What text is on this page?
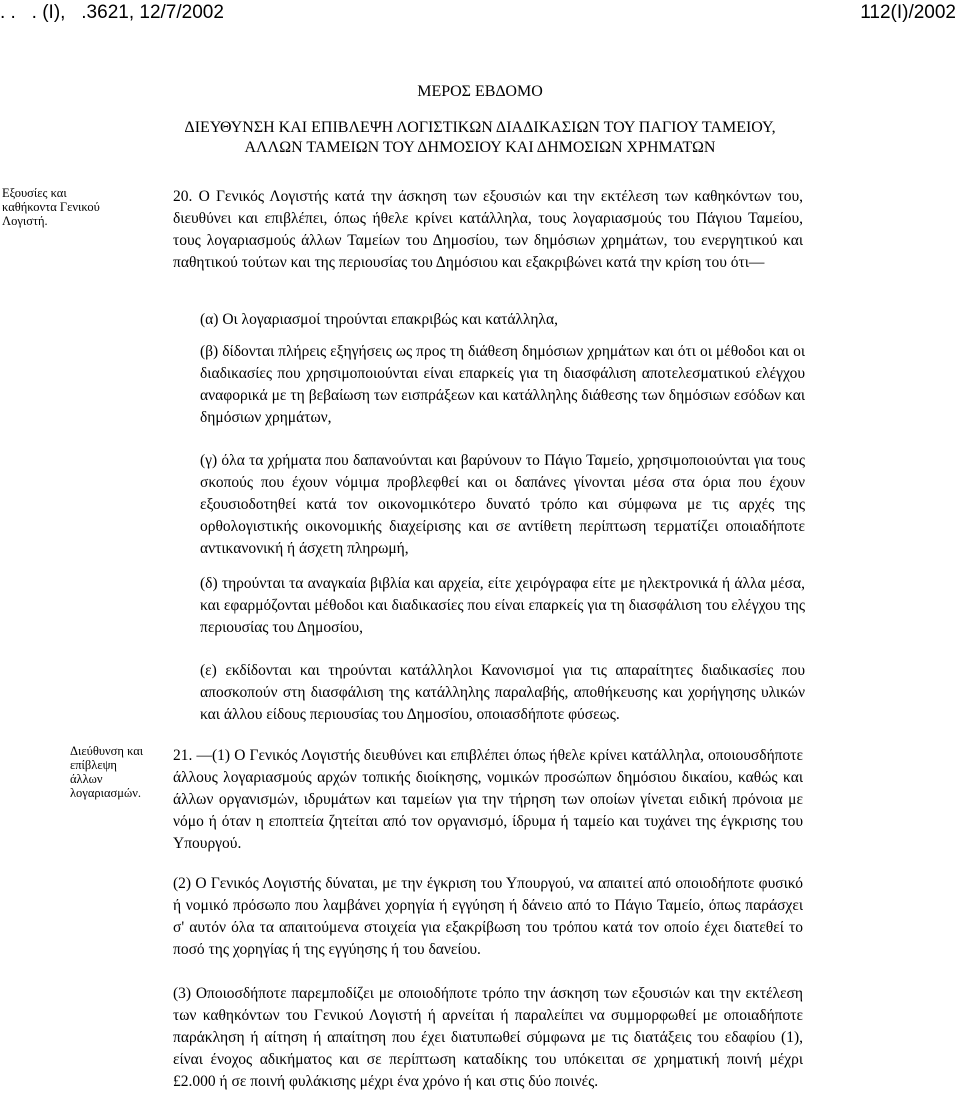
. .   . (I),   .3621, 12/7/2002	112(I)/2002
ΜΕΡΟΣ ΕΒΔΟΜΟ
ΔΙΕΥΘΥΝΣΗ ΚΑΙ ΕΠΙΒΛΕΨΗ ΛΟΓΙΣΤΙΚΩΝ ΔΙΑΔΙΚΑΣΙΩΝ ΤΟΥ ΠΑΓΙΟΥ ΤΑΜΕΙΟΥ, ΑΛΛΩΝ ΤΑΜΕΙΩΝ ΤΟΥ ΔΗΜΟΣΙΟΥ ΚΑΙ ΔΗΜΟΣΙΩΝ ΧΡΗΜΑΤΩΝ
Εξουσίες και καθήκοντα Γενικού Λογιστή.
20. Ο Γενικός Λογιστής κατά την άσκηση των εξουσιών και την εκτέλεση των καθηκόντων του, διευθύνει και επιβλέπει, όπως ήθελε κρίνει κατάλληλα, τους λογαριασμούς του Πάγιου Ταμείου, τους λογαριασμούς άλλων Ταμείων του Δημοσίου, των δημόσιων χρημάτων, του ενεργητικού και παθητικού τούτων και της περιουσίας του Δημόσιου και εξακριβώνει κατά την κρίση του ότι—
(α) Οι λογαριασμοί τηρούνται επακριβώς και κατάλληλα,
(β) δίδονται πλήρεις εξηγήσεις ως προς τη διάθεση δημόσιων χρημάτων και ότι οι μέθοδοι και οι διαδικασίες που χρησιμοποιούνται είναι επαρκείς για τη διασφάλιση αποτελεσματικού ελέγχου αναφορικά με τη βεβαίωση των εισπράξεων και κατάλληλης διάθεσης των δημόσιων εσόδων και δημόσιων χρημάτων,
(γ) όλα τα χρήματα που δαπανούνται και βαρύνουν το Πάγιο Ταμείο, χρησιμοποιούνται για τους σκοπούς που έχουν νόμιμα προβλεφθεί και οι δαπάνες γίνονται μέσα στα όρια που έχουν εξουσιοδοτηθεί κατά τον οικονομικότερο δυνατό τρόπο και σύμφωνα με τις αρχές της ορθολογιστικής οικονομικής διαχείρισης και σε αντίθετη περίπτωση τερματίζει οποιαδήποτε αντικανονική ή άσχετη πληρωμή,
(δ) τηρούνται τα αναγκαία βιβλία και αρχεία, είτε χειρόγραφα είτε με ηλεκτρονικά ή άλλα μέσα, και εφαρμόζονται μέθοδοι και διαδικασίες που είναι επαρκείς για τη διασφάλιση του ελέγχου της περιουσίας του Δημοσίου,
(ε) εκδίδονται και τηρούνται κατάλληλοι Κανονισμοί για τις απαραίτητες διαδικασίες που αποσκοπούν στη διασφάλιση της κατάλληλης παραλαβής, αποθήκευσης και χορήγησης υλικών και άλλου είδους περιουσίας του Δημοσίου, οποιασδήποτε φύσεως.
Διεύθυνση και επίβλεψη άλλων λογαριασμών.
21. —(1) Ο Γενικός Λογιστής διευθύνει και επιβλέπει όπως ήθελε κρίνει κατάλληλα, οποιουσδήποτε άλλους λογαριασμούς αρχών τοπικής διοίκησης, νομικών προσώπων δημόσιου δικαίου, καθώς και άλλων οργανισμών, ιδρυμάτων και ταμείων για την τήρηση των οποίων γίνεται ειδική πρόνοια με νόμο ή όταν η εποπτεία ζητείται από τον οργανισμό, ίδρυμα ή ταμείο και τυχάνει της έγκρισης του Υπουργού.
(2) Ο Γενικός Λογιστής δύναται, με την έγκριση του Υπουργού, να απαιτεί από οποιοδήποτε φυσικό ή νομικό πρόσωπο που λαμβάνει χορηγία ή εγγύηση ή δάνειο από το Πάγιο Ταμείο, όπως παράσχει σ' αυτόν όλα τα απαιτούμενα στοιχεία για εξακρίβωση του τρόπου κατά τον οποίο έχει διατεθεί το ποσό της χορηγίας ή της εγγύησης ή του δανείου.
(3) Οποιοσδήποτε παρεμποδίζει με οποιοδήποτε τρόπο την άσκηση των εξουσιών και την εκτέλεση των καθηκόντων του Γενικού Λογιστή ή αρνείται ή παραλείπει να συμμορφωθεί με οποιαδήποτε παράκληση ή αίτηση ή απαίτηση που έχει διατυπωθεί σύμφωνα με τις διατάξεις του εδαφίου (1), είναι ένοχος αδικήματος και σε περίπτωση καταδίκης του υπόκειται σε χρηματική ποινή μέχρι £2.000 ή σε ποινή φυλάκισης μέχρι ένα χρόνο ή και στις δύο ποινές.
